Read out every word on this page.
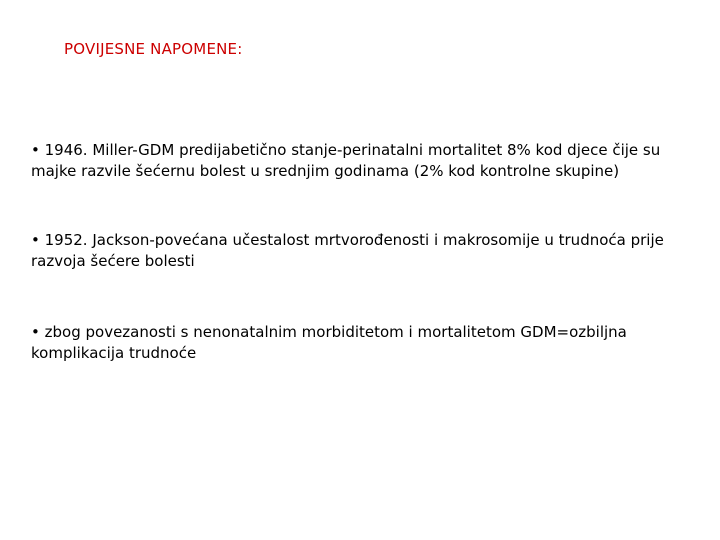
POVIJESNE NAPOMENE:
• 1946. Miller-GDM predijabetično stanje-perinatalni mortalitet 8% kod djece čije su majke razvile šećernu bolest u srednjim godinama (2% kod kontrolne skupine)
• 1952. Jackson-povećana učestalost mrtvorođenosti i makrosomije u trudnoća prije razvoja šećere bolesti
• zbog povezanosti s nenonatalnim morbiditetom i mortalitetom GDM=ozbiljna komplikacija trudnoće
